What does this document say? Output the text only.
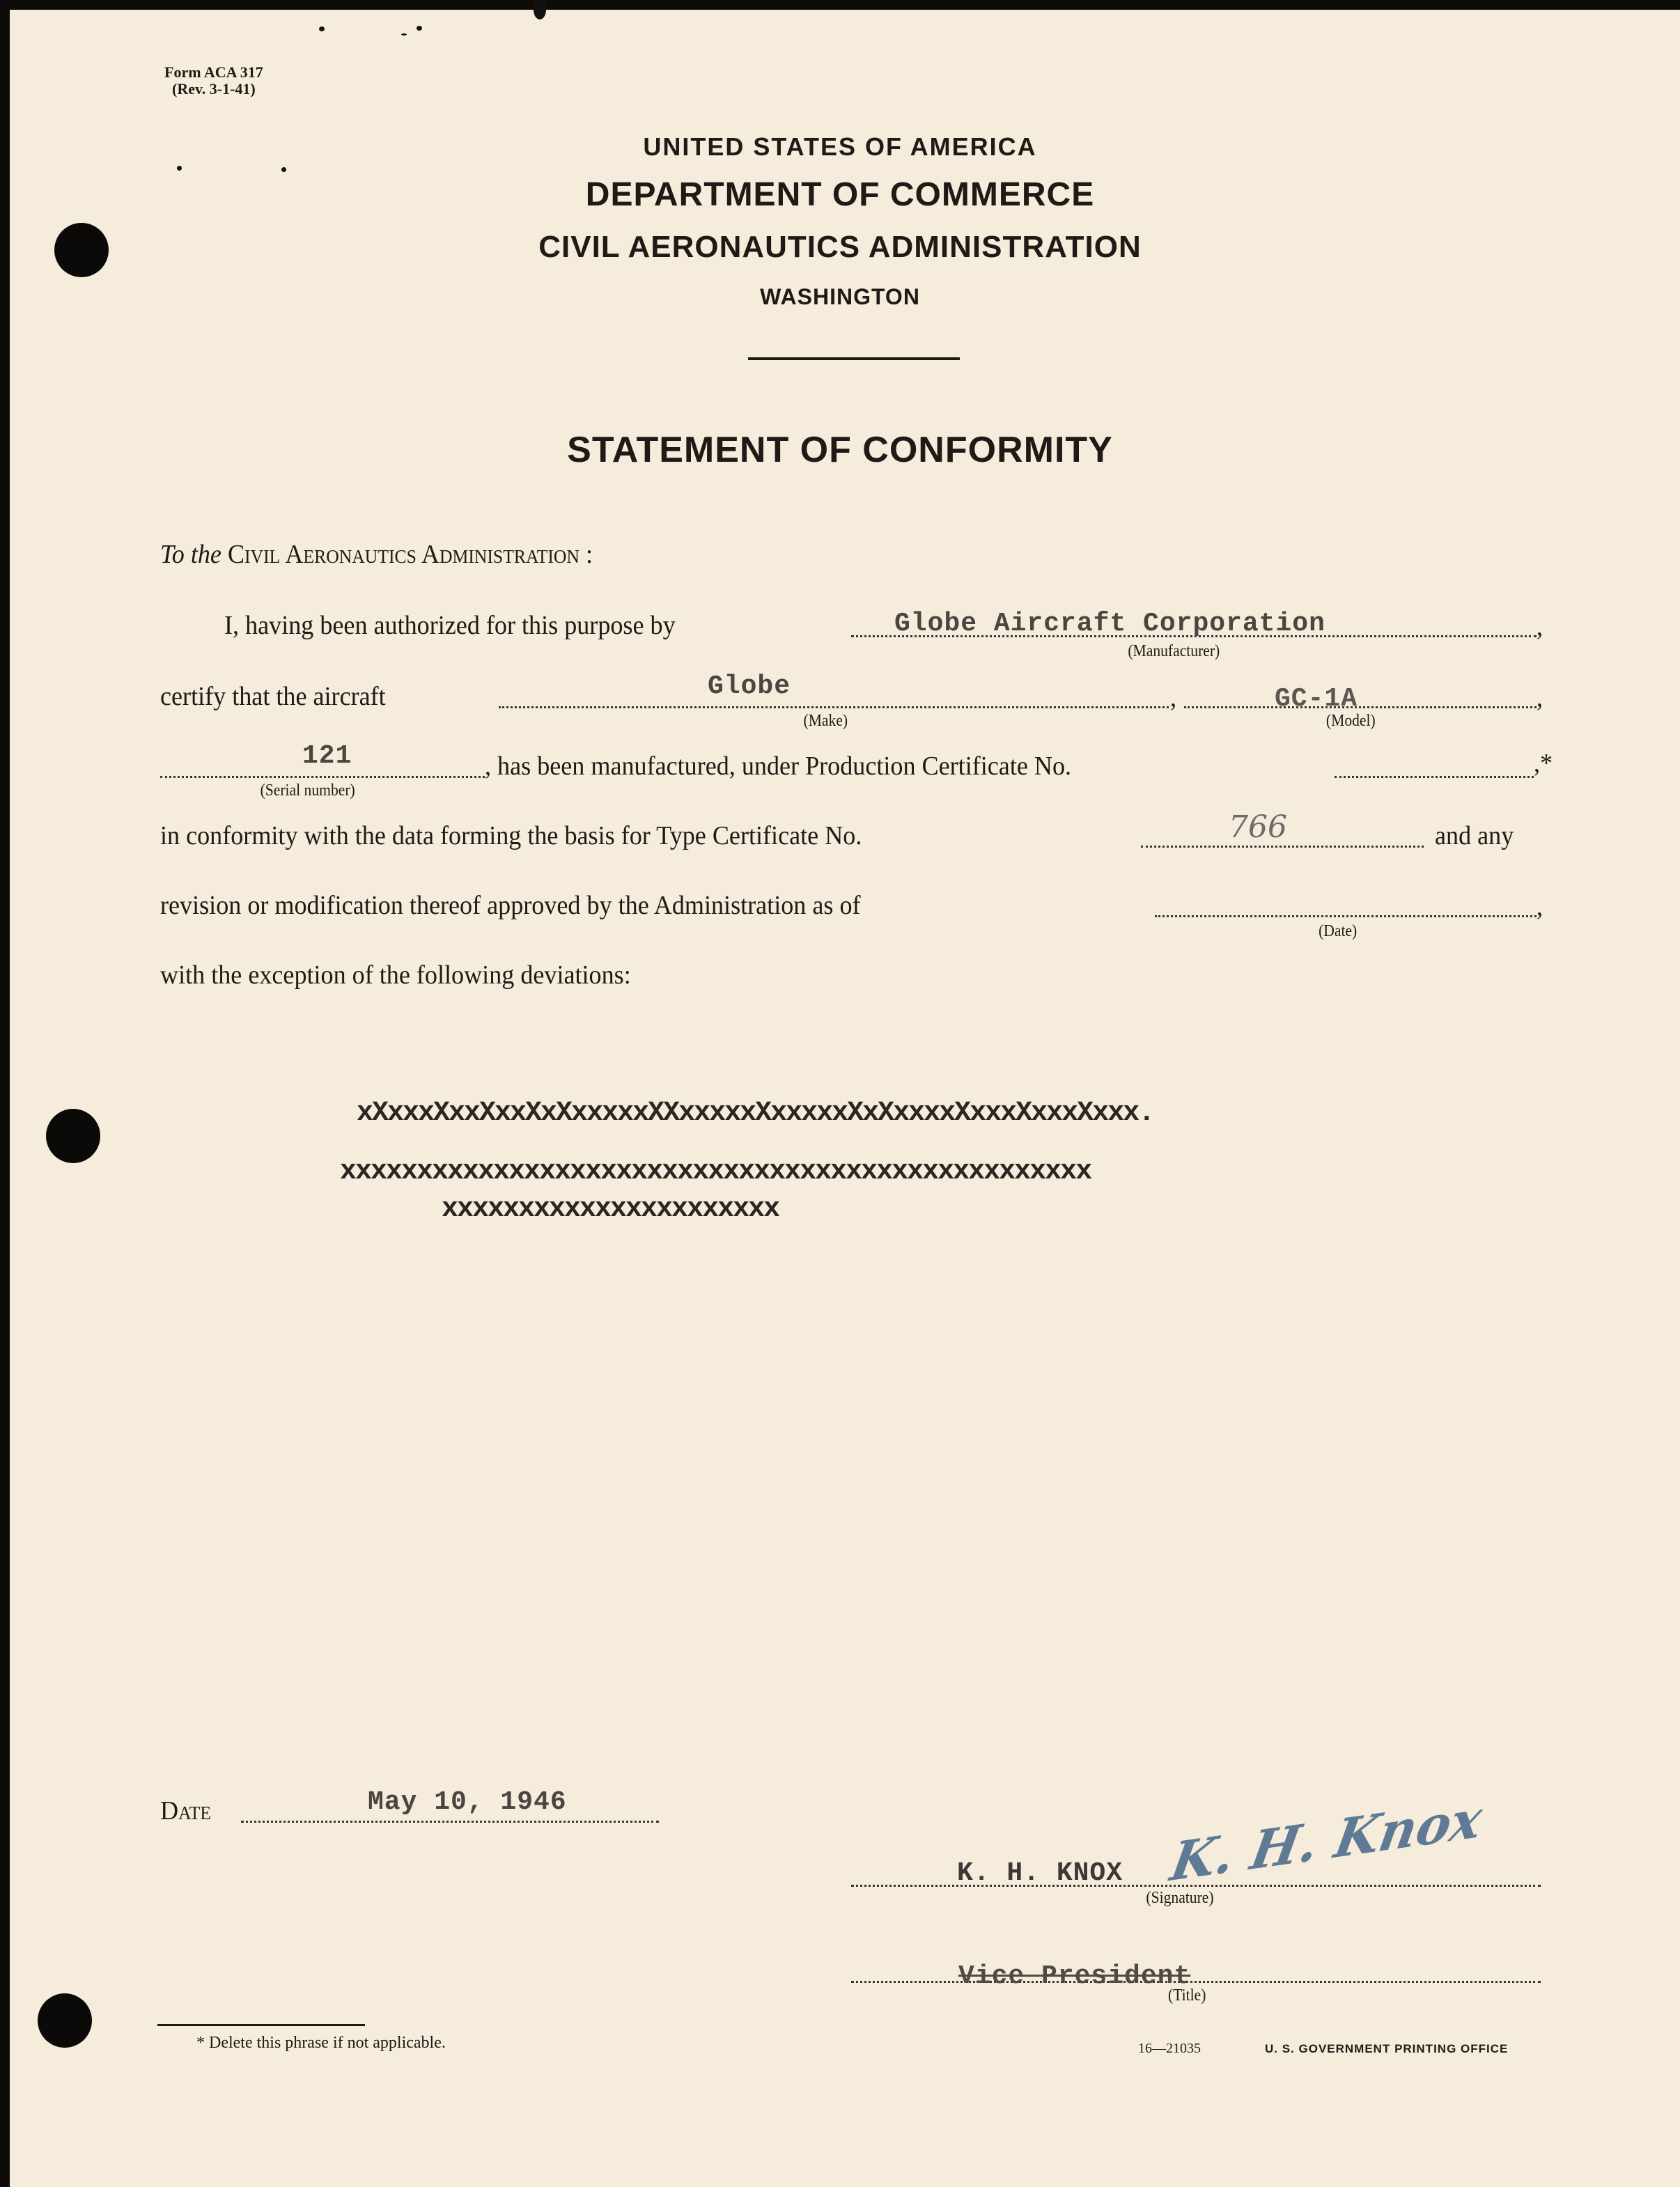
Form ACA 317
(Rev. 3-1-41)
UNITED STATES OF AMERICA
DEPARTMENT OF COMMERCE
CIVIL AERONAUTICS ADMINISTRATION
WASHINGTON
STATEMENT OF CONFORMITY
To the Civil Aeronautics Administration :
I, having been authorized for this purpose by	Globe Aircraft Corporation	,
(Manufacturer)
certify that the aircraft	Globe	,
(Make)
GC-1A	,
(Model)
121
(Serial number)
, has been manufactured, under Production Certificate No.	,*
in conformity with the data forming the basis for Type Certificate No.	766	and any
revision or modification thereof approved by the Administration as of	,
(Date)
with the exception of the following deviations:
xXxxxXxxXxxXxXxxxxxXXxxxxxXxxxxxXxXxxxxXxxxXxxxXxxx.
xxxxxxxxxxxxxxxxxxxxxxxxxxxxxxxxxxxxxxxxxxxxxxxxx
xxxxxxxxxxxxxxxxxxxxxx
Date	May 10, 1946
K. H. KNOX K. H. Knox
(Signature)
Vice President
(Title)
* Delete this phrase if not applicable.	16—21035	U. S. GOVERNMENT PRINTING OFFICE
